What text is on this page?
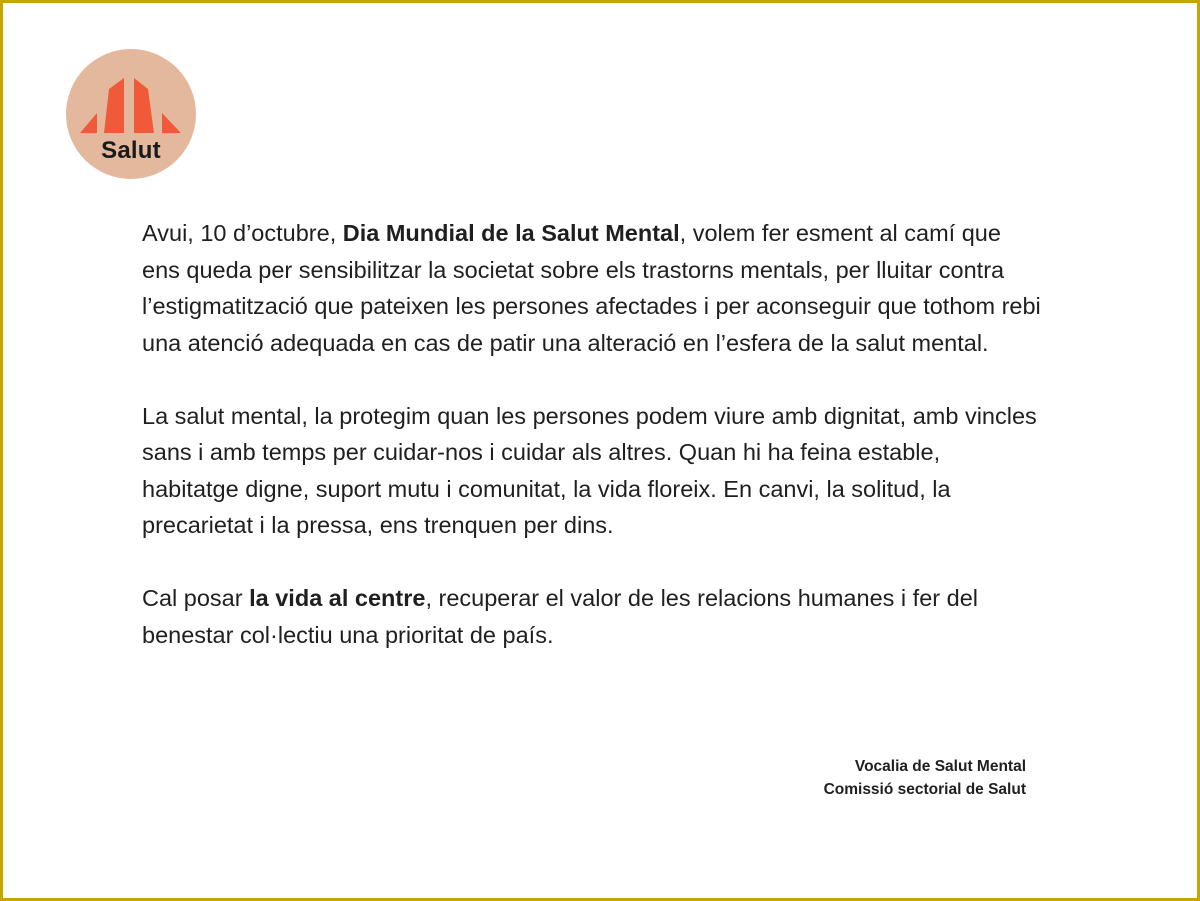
Salut

Avui, 10 d’octubre, Dia Mundial de la Salut Mental, volem fer esment al camí que ens queda per sensibilitzar la societat sobre els trastorns mentals, per lluitar contra l’estigmatització que pateixen les persones afectades i per aconseguir que tothom rebi una atenció adequada en cas de patir una alteració en l’esfera de la salut mental.

La salut mental, la protegim quan les persones podem viure amb dignitat, amb vincles sans i amb temps per cuidar-nos i cuidar als altres. Quan hi ha feina estable, habitatge digne, suport mutu i comunitat, la vida floreix. En canvi, la solitud, la precarietat i la pressa, ens trenquen per dins.

Cal posar la vida al centre, recuperar el valor de les relacions humanes i fer del benestar col·lectiu una prioritat de país.

Vocalia de Salut Mental
Comissió sectorial de Salut
